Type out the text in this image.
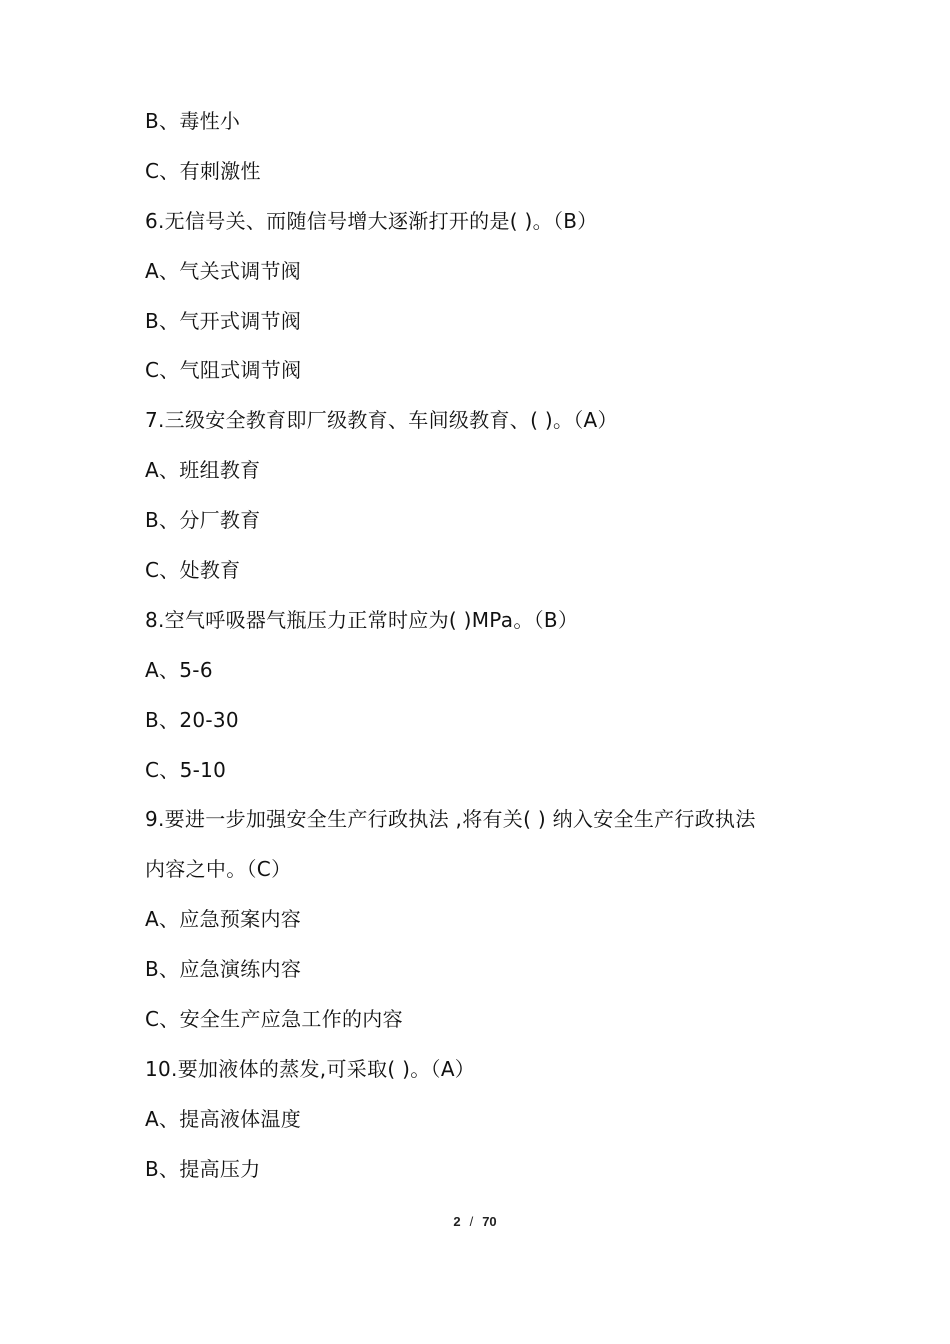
B、毒性小
C、有刺激性
6.无信号关、而随信号增大逐渐打开的是( )。（B）
A、气关式调节阀
B、气开式调节阀
C、气阻式调节阀
7.三级安全教育即厂级教育、车间级教育、( )。（A）
A、班组教育
B、分厂教育
C、处教育
8.空气呼吸器气瓶压力正常时应为( )MPa。（B）
A、5-6
B、20-30
C、5-10
9.要进一步加强安全生产行政执法 ,将有关( ) 纳入安全生产行政执法
内容之中。（C）
A、应急预案内容
B、应急演练内容
C、安全生产应急工作的内容
10.要加液体的蒸发,可采取( )。（A）
A、提高液体温度
B、提高压力
2 / 70
